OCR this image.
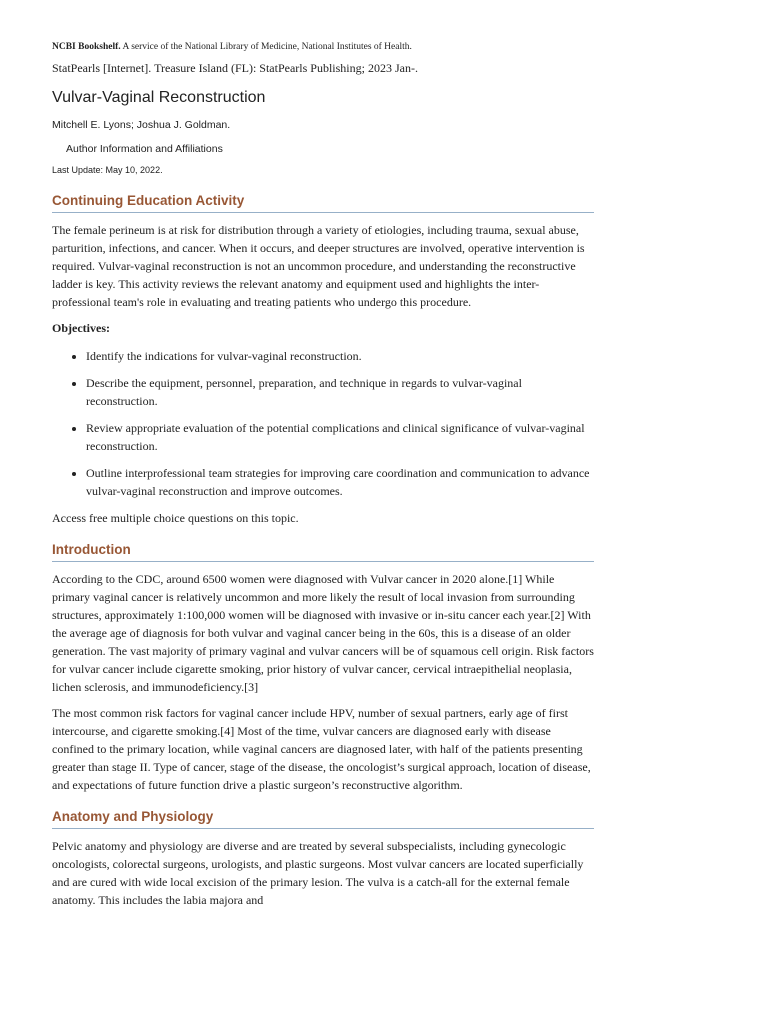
NCBI Bookshelf. A service of the National Library of Medicine, National Institutes of Health.
StatPearls [Internet]. Treasure Island (FL): StatPearls Publishing; 2023 Jan-.
Vulvar-Vaginal Reconstruction
Mitchell E. Lyons; Joshua J. Goldman.
Author Information and Affiliations
Last Update: May 10, 2022.
Continuing Education Activity

The female perineum is at risk for distribution through a variety of etiologies, including trauma, sexual abuse, parturition, infections, and cancer. When it occurs, and deeper structures are involved, operative intervention is required. Vulvar-vaginal reconstruction is not an uncommon procedure, and understanding the reconstructive ladder is key. This activity reviews the relevant anatomy and equipment used and highlights the inter-professional team's role in evaluating and treating patients who undergo this procedure.

Objectives:

• Identify the indications for vulvar-vaginal reconstruction.
• Describe the equipment, personnel, preparation, and technique in regards to vulvar-vaginal reconstruction.
• Review appropriate evaluation of the potential complications and clinical significance of vulvar-vaginal reconstruction.
• Outline interprofessional team strategies for improving care coordination and communication to advance vulvar-vaginal reconstruction and improve outcomes.

Access free multiple choice questions on this topic.

Introduction

According to the CDC, around 6500 women were diagnosed with Vulvar cancer in 2020 alone.[1] While primary vaginal cancer is relatively uncommon and more likely the result of local invasion from surrounding structures, approximately 1:100,000 women will be diagnosed with invasive or in-situ cancer each year.[2] With the average age of diagnosis for both vulvar and vaginal cancer being in the 60s, this is a disease of an older generation. The vast majority of primary vaginal and vulvar cancers will be of squamous cell origin. Risk factors for vulvar cancer include cigarette smoking, prior history of vulvar cancer, cervical intraepithelial neoplasia, lichen sclerosis, and immunodeficiency.[3]

The most common risk factors for vaginal cancer include HPV, number of sexual partners, early age of first intercourse, and cigarette smoking.[4] Most of the time, vulvar cancers are diagnosed early with disease confined to the primary location, while vaginal cancers are diagnosed later, with half of the patients presenting greater than stage II. Type of cancer, stage of the disease, the oncologist’s surgical approach, location of disease, and expectations of future function drive a plastic surgeon’s reconstructive algorithm.

Anatomy and Physiology

Pelvic anatomy and physiology are diverse and are treated by several subspecialists, including gynecologic oncologists, colorectal surgeons, urologists, and plastic surgeons. Most vulvar cancers are located superficially and are cured with wide local excision of the primary lesion. The vulva is a catch-all for the external female anatomy. This includes the labia majora and
